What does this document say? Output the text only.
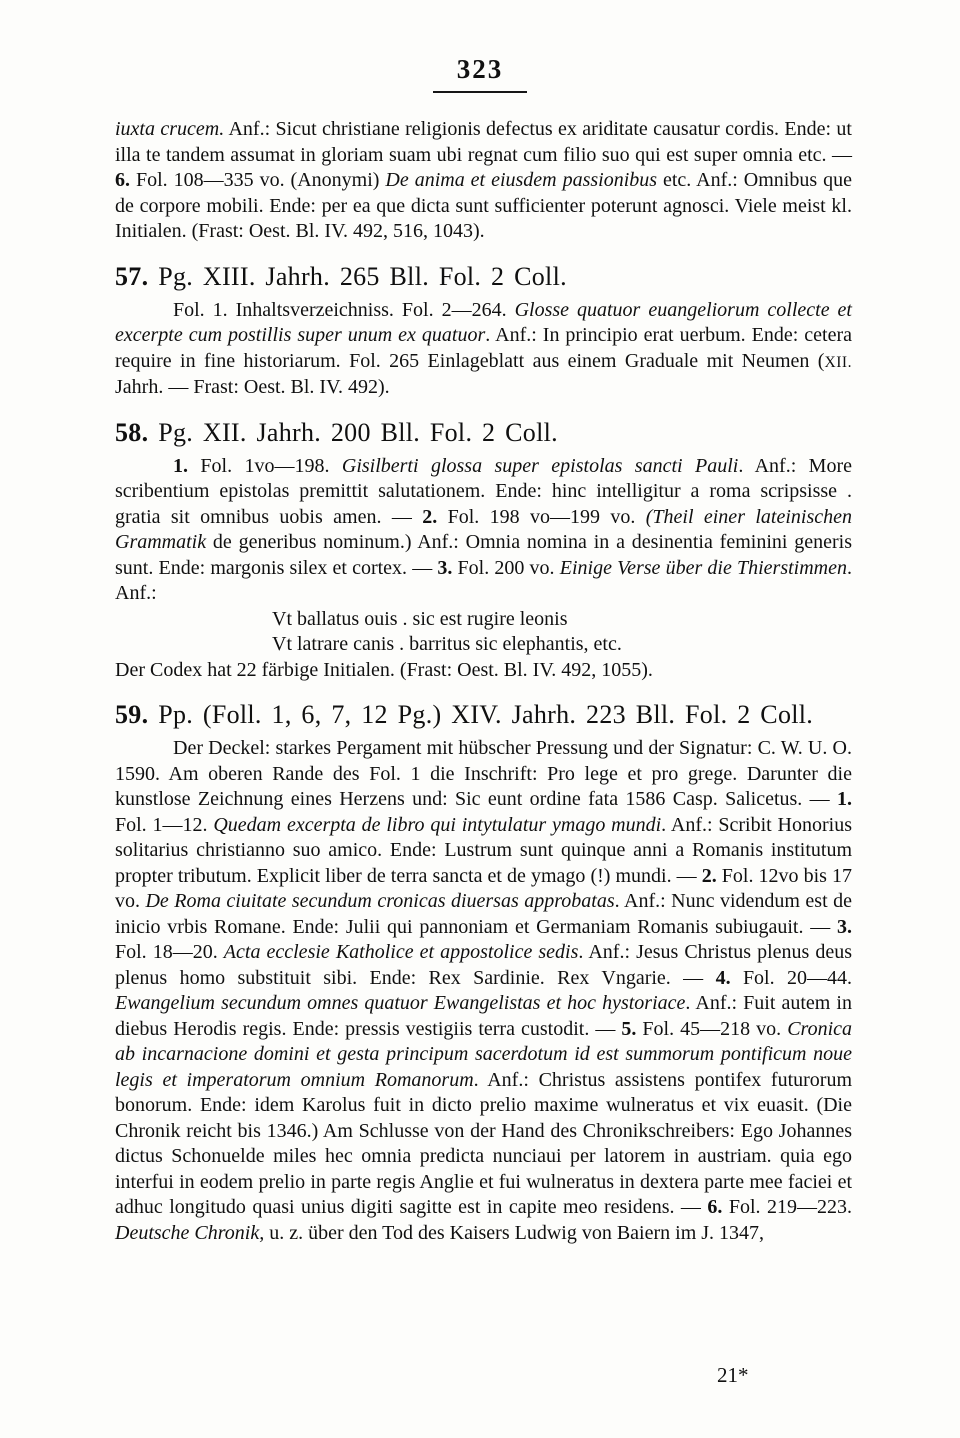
323

iuxta crucem. Anf.: Sicut christiane religionis defectus ex ariditate causatur cordis. Ende: ut illa te tandem assumat in gloriam suam ubi regnat cum filio suo qui est super omnia etc. — 6. Fol. 108—335 vo. (Anonymi) De anima et eiusdem passionibus etc. Anf.: Omnibus que de corpore mobili. Ende: per ea que dicta sunt sufficienter poterunt agnosci. Viele meist kl. Initialen. (Frast: Oest. Bl. IV. 492, 516, 1043).

57. Pg. XIII. Jahrh. 265 Bll. Fol. 2 Coll.

Fol. 1. Inhaltsverzeichniss. Fol. 2—264. Glosse quatuor euangeliorum collecte et excerpte cum postillis super unum ex quatuor. Anf.: In principio erat uerbum. Ende: cetera require in fine historiarum. Fol. 265 Einlageblatt aus einem Graduale mit Neumen (XII. Jahrh. — Frast: Oest. Bl. IV. 492).

58. Pg. XII. Jahrh. 200 Bll. Fol. 2 Coll.

1. Fol. 1vo—198. Gisilberti glossa super epistolas sancti Pauli. Anf.: More scribentium epistolas premittit salutationem. Ende: hinc intelligitur a roma scripsisse . gratia sit omnibus uobis amen. — 2. Fol. 198 vo—199 vo. (Theil einer lateinischen Grammatik de generibus nominum.) Anf.: Omnia nomina in a desinentia feminini generis sunt. Ende: margonis silex et cortex. — 3. Fol. 200 vo. Einige Verse über die Thierstimmen. Anf.:

Vt ballatus ouis . sic est rugire leonis
Vt latrare canis . barritus sic elephantis, etc.

Der Codex hat 22 färbige Initialen. (Frast: Oest. Bl. IV. 492, 1055).

59. Pp. (Foll. 1, 6, 7, 12 Pg.) XIV. Jahrh. 223 Bll. Fol. 2 Coll.

Der Deckel: starkes Pergament mit hübscher Pressung und der Signatur: C. W. U. O. 1590. Am oberen Rande des Fol. 1 die Inschrift: Pro lege et pro grege. Darunter die kunstlose Zeichnung eines Herzens und: Sic eunt ordine fata 1586 Casp. Salicetus. — 1. Fol. 1—12. Quedam excerpta de libro qui intytulatur ymago mundi. Anf.: Scribit Honorius solitarius christianno suo amico. Ende: Lustrum sunt quinque anni a Romanis institutum propter tributum. Explicit liber de terra sancta et de ymago (!) mundi. — 2. Fol. 12vo bis 17 vo. De Roma ciuitate secundum cronicas diuersas approbatas. Anf.: Nunc videndum est de inicio vrbis Romane. Ende: Julii qui pannoniam et Germaniam Romanis subiugauit. — 3. Fol. 18—20. Acta ecclesie Katholice et appostolice sedis. Anf.: Jesus Christus plenus deus plenus homo substituit sibi. Ende: Rex Sardinie. Rex Vngarie. — 4. Fol. 20—44. Ewangelium secundum omnes quatuor Ewangelistas et hoc hystoriace. Anf.: Fuit autem in diebus Herodis regis. Ende: pressis vestigiis terra custodit. — 5. Fol. 45—218 vo. Cronica ab incarnacione domini et gesta principum sacerdotum id est summorum pontificum noue legis et imperatorum omnium Romanorum. Anf.: Christus assistens pontifex futurorum bonorum. Ende: idem Karolus fuit in dicto prelio maxime wulneratus et vix euasit. (Die Chronik reicht bis 1346.) Am Schlusse von der Hand des Chronikschreibers: Ego Johannes dictus Schonuelde miles hec omnia predicta nunciaui per latorem in austriam. quia ego interfui in eodem prelio in parte regis Anglie et fui wulneratus in dextera parte mee faciei et adhuc longitudo quasi unius digiti sagitte est in capite meo residens. — 6. Fol. 219—223. Deutsche Chronik, u. z. über den Tod des Kaisers Ludwig von Baiern im J. 1347,

21*
